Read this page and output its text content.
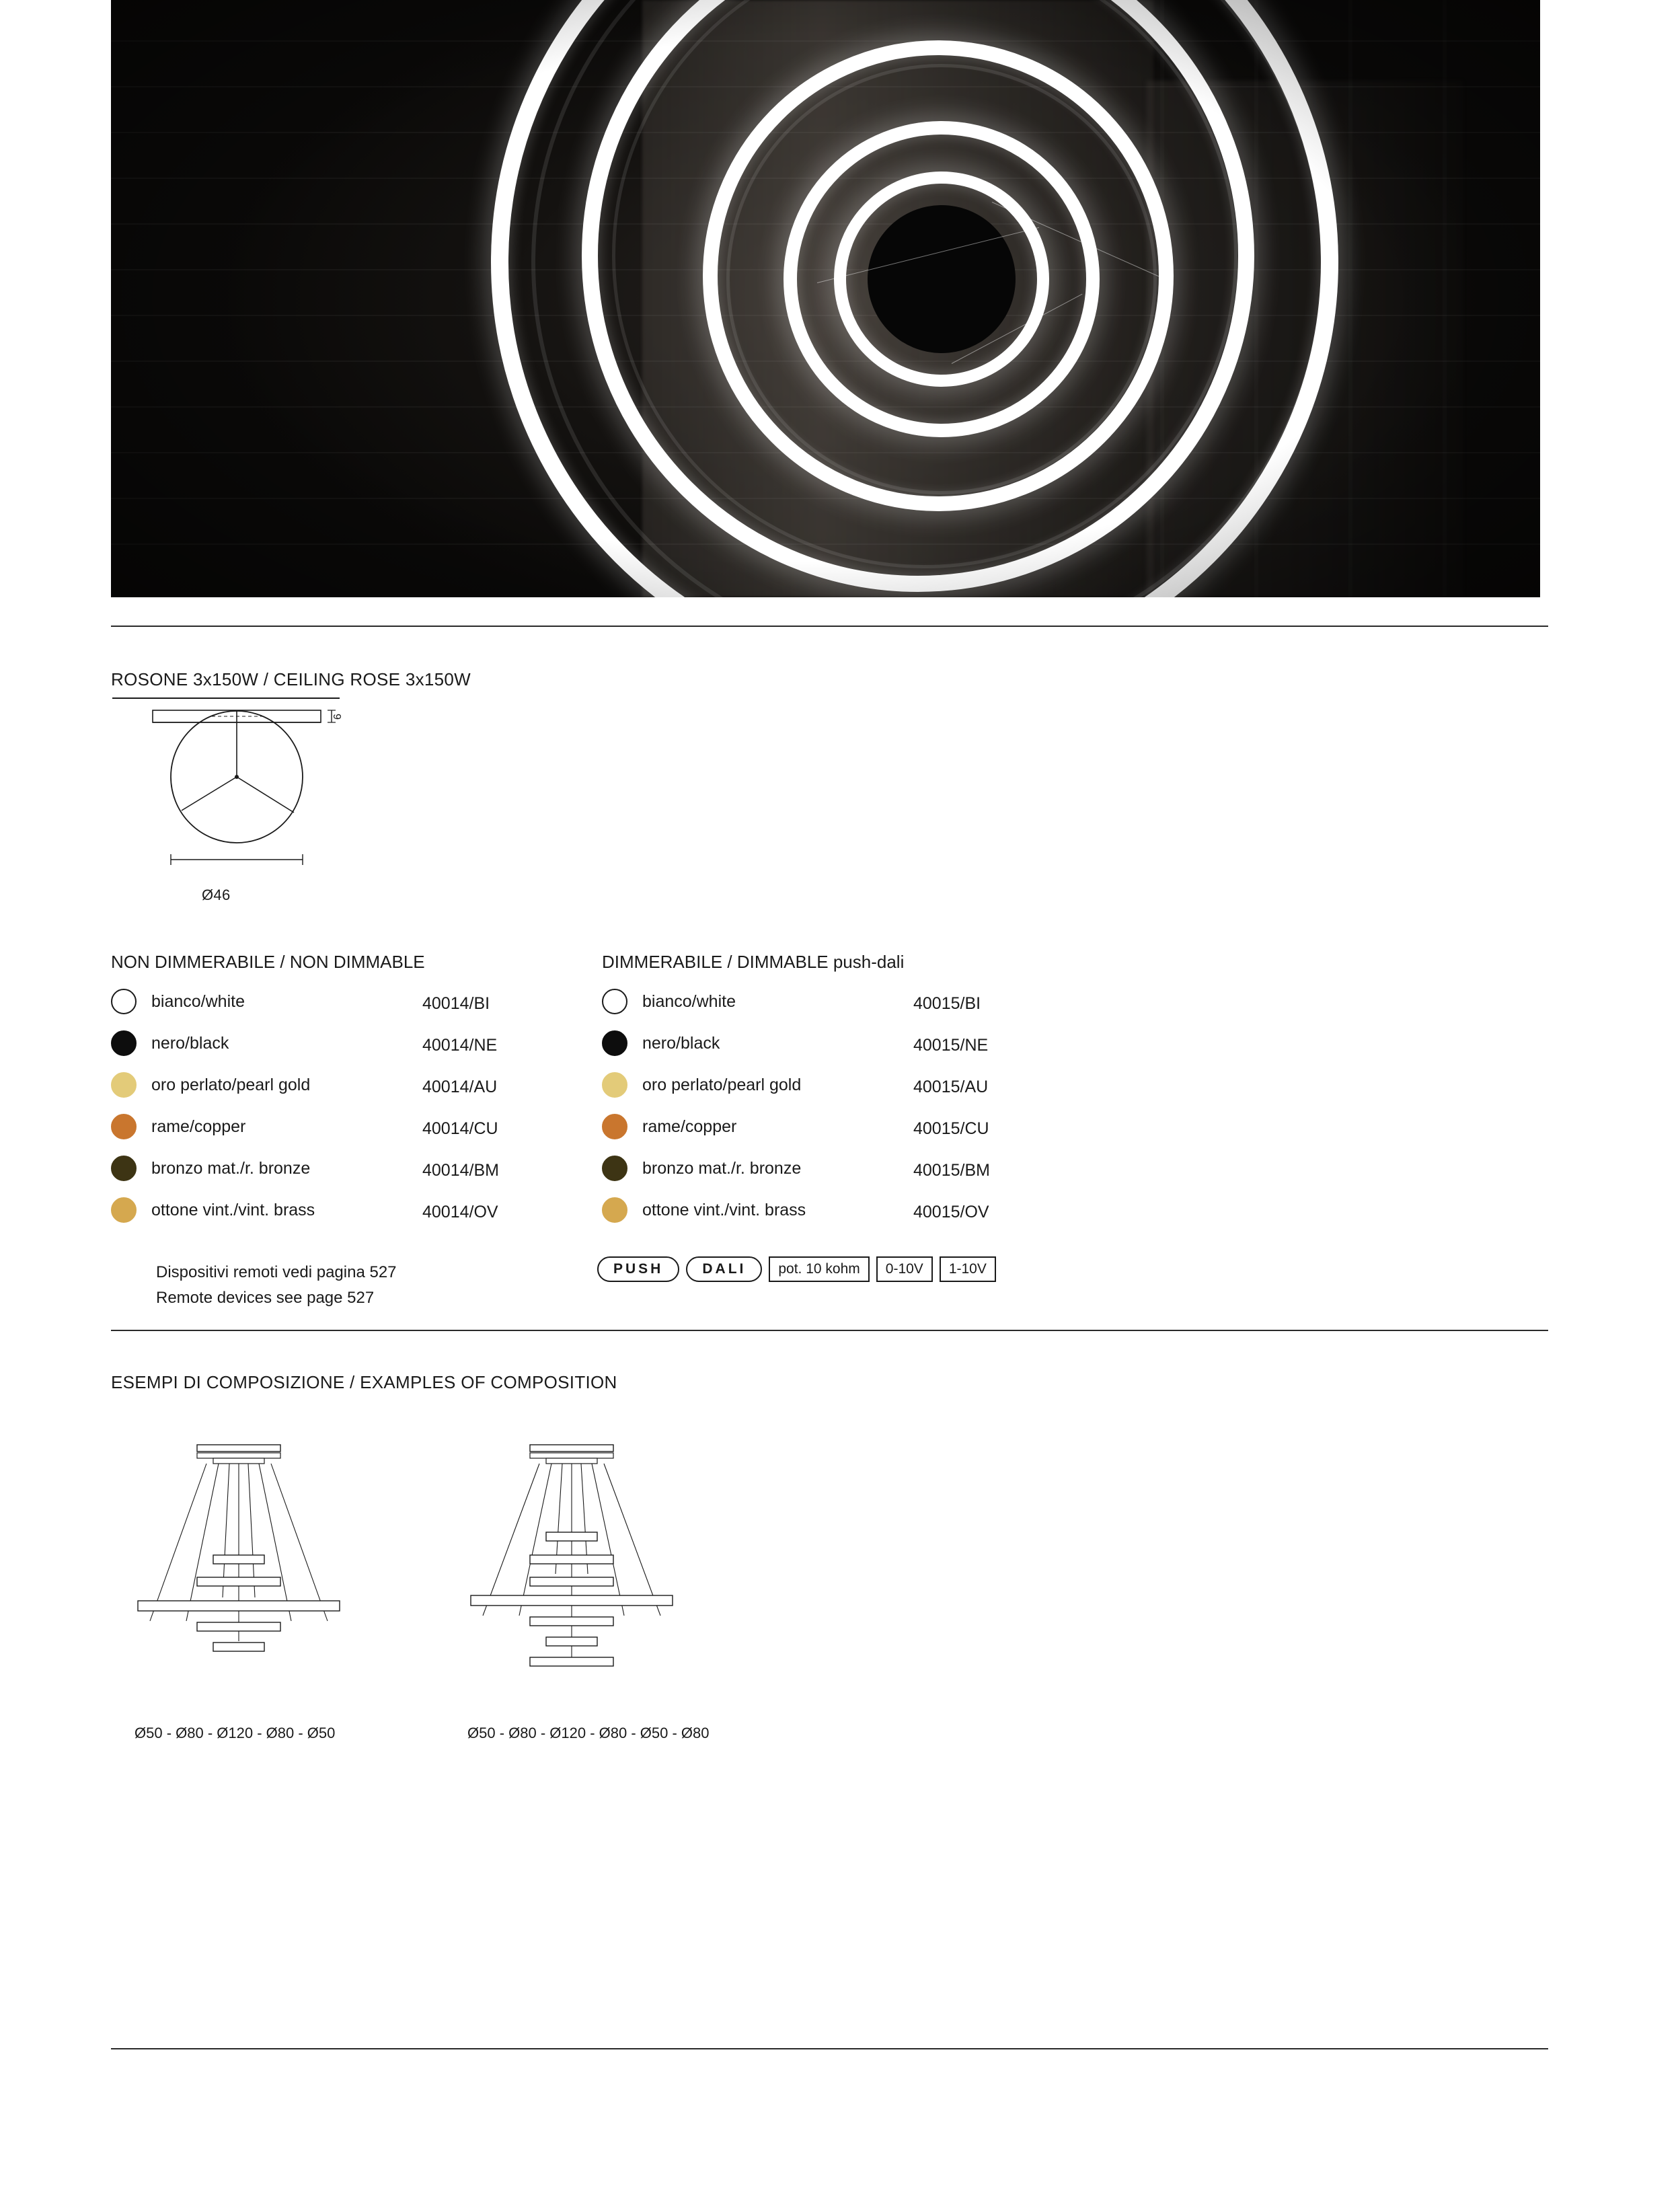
ROSONE 3x150W / CEILING ROSE 3x150W
6
Ø46
NON DIMMERABILE / NON DIMMABLE	DIMMERABILE / DIMMABLE push-dali
bianco/white	40014/BI
nero/black	40014/NE
oro perlato/pearl gold	40014/AU
rame/copper	40014/CU
bronzo mat./r. bronze	40014/BM
ottone vint./vint. brass	40014/OV
Dispositivi remoti vedi pagina 527
Remote devices see page 527
bianco/white	40015/BI
nero/black	40015/NE
oro perlato/pearl gold	40015/AU
rame/copper	40015/CU
bronzo mat./r. bronze	40015/BM
ottone vint./vint. brass	40015/OV
PUSH	DALI	pot. 10 kohm	0-10V	1-10V
ESEMPI DI COMPOSIZIONE / EXAMPLES OF COMPOSITION
Ø50 - Ø80 - Ø120 - Ø80 - Ø50	Ø50 - Ø80 - Ø120 - Ø80 - Ø50 - Ø80
